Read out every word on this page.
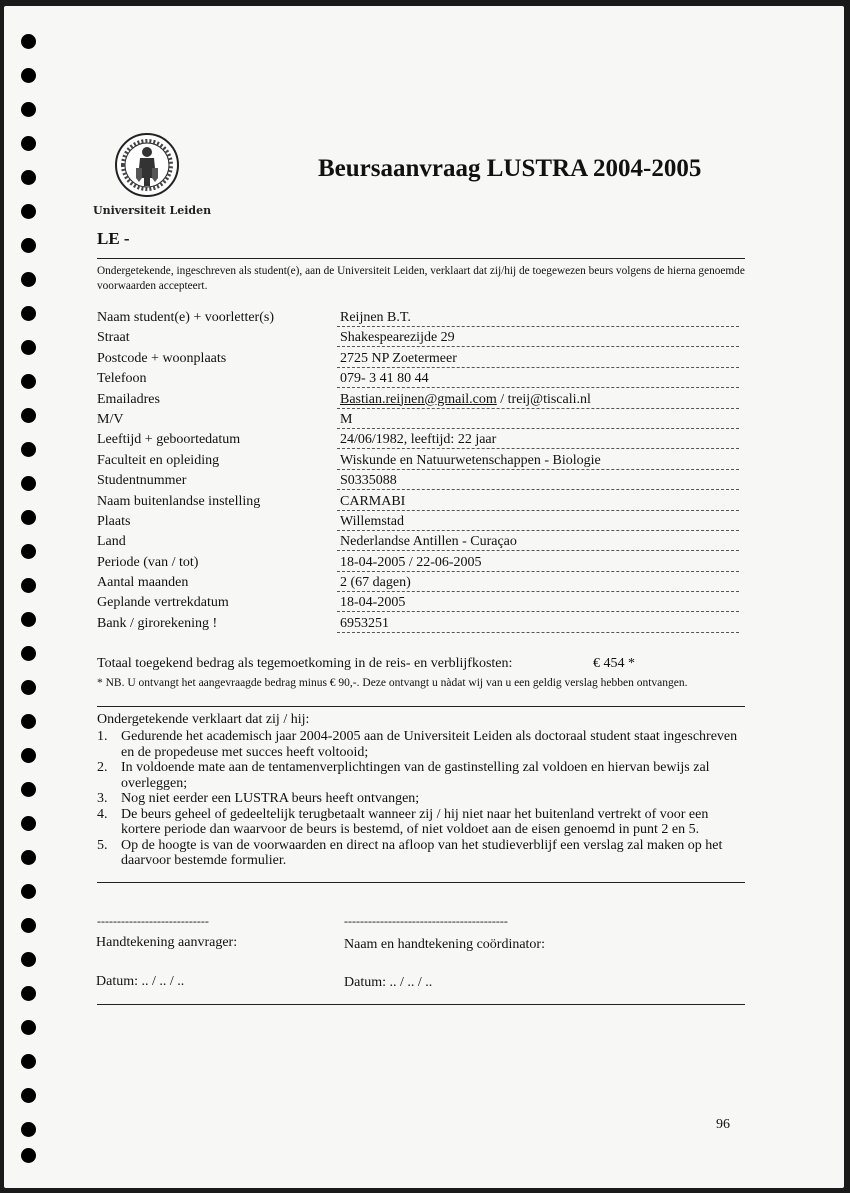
Universiteit Leiden
Beursaanvraag LUSTRA 2004-2005
LE -
Ondergetekende, ingeschreven als student(e), aan de Universiteit Leiden, verklaart dat zij/hij de toegewezen beurs volgens de hierna genoemde voorwaarden accepteert.
Naam student(e) + voorletter(s)	Reijnen B.T.
Straat	Shakespearezijde 29
Postcode + woonplaats	2725 NP Zoetermeer
Telefoon	079- 3 41 80 44
Emailadres	Bastian.reijnen@gmail.com / treij@tiscali.nl
M/V	M
Leeftijd + geboortedatum	24/06/1982, leeftijd: 22 jaar
Faculteit en opleiding	Wiskunde en Natuurwetenschappen - Biologie
Studentnummer	S0335088
Naam buitenlandse instelling	CARMABI
Plaats	Willemstad
Land	Nederlandse Antillen - Curaçao
Periode (van / tot)	18-04-2005 / 22-06-2005
Aantal maanden	2 (67 dagen)
Geplande vertrekdatum	18-04-2005
Bank / girorekening !	6953251
Totaal toegekend bedrag als tegemoetkoming in de reis- en verblijfkosten:	€ 454 *
* NB. U ontvangt het aangevraagde bedrag minus € 90,-. Deze ontvangt u nàdat wij van u een geldig verslag hebben ontvangen.
Ondergetekende verklaart dat zij / hij:
1. Gedurende het academisch jaar 2004-2005 aan de Universiteit Leiden als doctoraal student staat ingeschreven en de propedeuse met succes heeft voltooid;
2. In voldoende mate aan de tentamenverplichtingen van de gastinstelling zal voldoen en hiervan bewijs zal overleggen;
3. Nog niet eerder een LUSTRA beurs heeft ontvangen;
4. De beurs geheel of gedeeltelijk terugbetaalt wanneer zij / hij niet naar het buitenland vertrekt of voor een kortere periode dan waarvoor de beurs is bestemd, of niet voldoet aan de eisen genoemd in punt 2 en 5.
5. Op de hoogte is van de voorwaarden en direct na afloop van het studieverblijf een verslag zal maken op het daarvoor bestemde formulier.
----------------------------	-----------------------------------------
Handtekening aanvrager:	Naam en handtekening coördinator:
Datum: .. / .. / ..	Datum: .. / .. / ..
96
